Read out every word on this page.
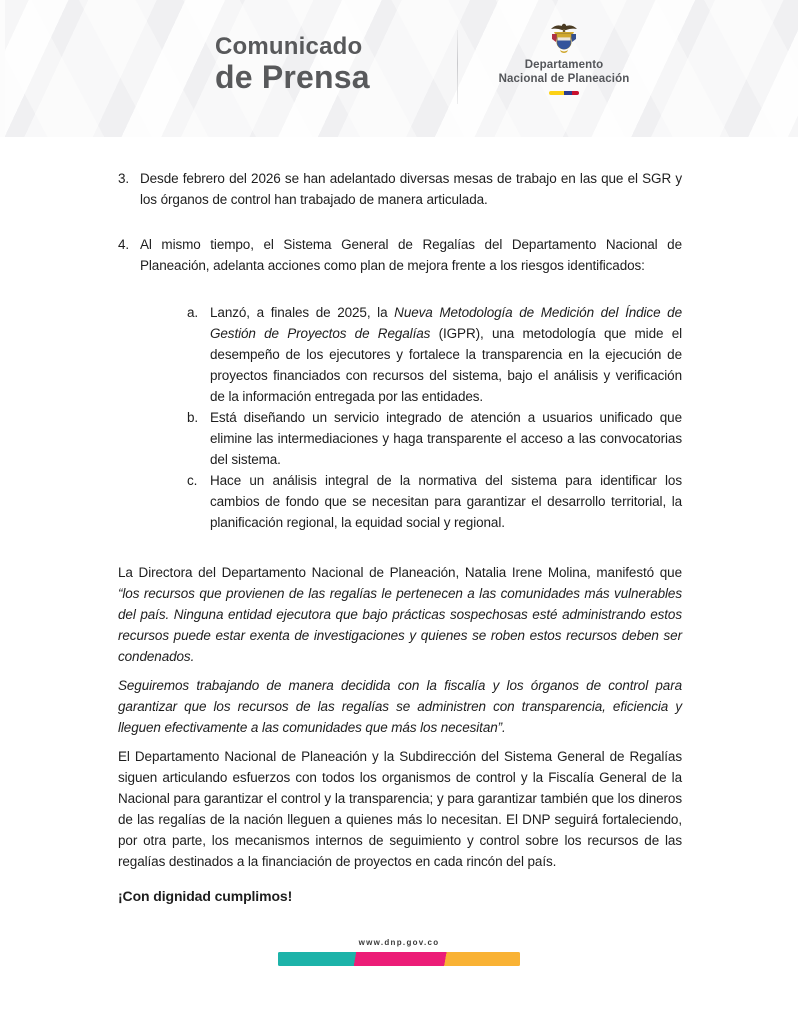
Comunicado
de Prensa	Departamento
Nacional de Planeación
3. Desde febrero del 2026 se han adelantado diversas mesas de trabajo en las que el SGR y los órganos de control han trabajado de manera articulada.
4. Al mismo tiempo, el Sistema General de Regalías del Departamento Nacional de Planeación, adelanta acciones como plan de mejora frente a los riesgos identificados:
a. Lanzó, a finales de 2025, la Nueva Metodología de Medición del Índice de Gestión de Proyectos de Regalías (IGPR), una metodología que mide el desempeño de los ejecutores y fortalece la transparencia en la ejecución de proyectos financiados con recursos del sistema, bajo el análisis y verificación de la información entregada por las entidades.
b. Está diseñando un servicio integrado de atención a usuarios unificado que elimine las intermediaciones y haga transparente el acceso a las convocatorias del sistema.
c. Hace un análisis integral de la normativa del sistema para identificar los cambios de fondo que se necesitan para garantizar el desarrollo territorial, la planificación regional, la equidad social y regional.

La Directora del Departamento Nacional de Planeación, Natalia Irene Molina, manifestó que “los recursos que provienen de las regalías le pertenecen a las comunidades más vulnerables del país. Ninguna entidad ejecutora que bajo prácticas sospechosas esté administrando estos recursos puede estar exenta de investigaciones y quienes se roben estos recursos deben ser condenados.

Seguiremos trabajando de manera decidida con la fiscalía y los órganos de control para garantizar que los recursos de las regalías se administren con transparencia, eficiencia y lleguen efectivamente a las comunidades que más los necesitan”.

El Departamento Nacional de Planeación y la Subdirección del Sistema General de Regalías siguen articulando esfuerzos con todos los organismos de control y la Fiscalía General de la Nacional para garantizar el control y la transparencia; y para garantizar también que los dineros de las regalías de la nación lleguen a quienes más lo necesitan. El DNP seguirá fortaleciendo, por otra parte, los mecanismos internos de seguimiento y control sobre los recursos de las regalías destinados a la financiación de proyectos en cada rincón del país.

¡Con dignidad cumplimos!

www.dnp.gov.co
